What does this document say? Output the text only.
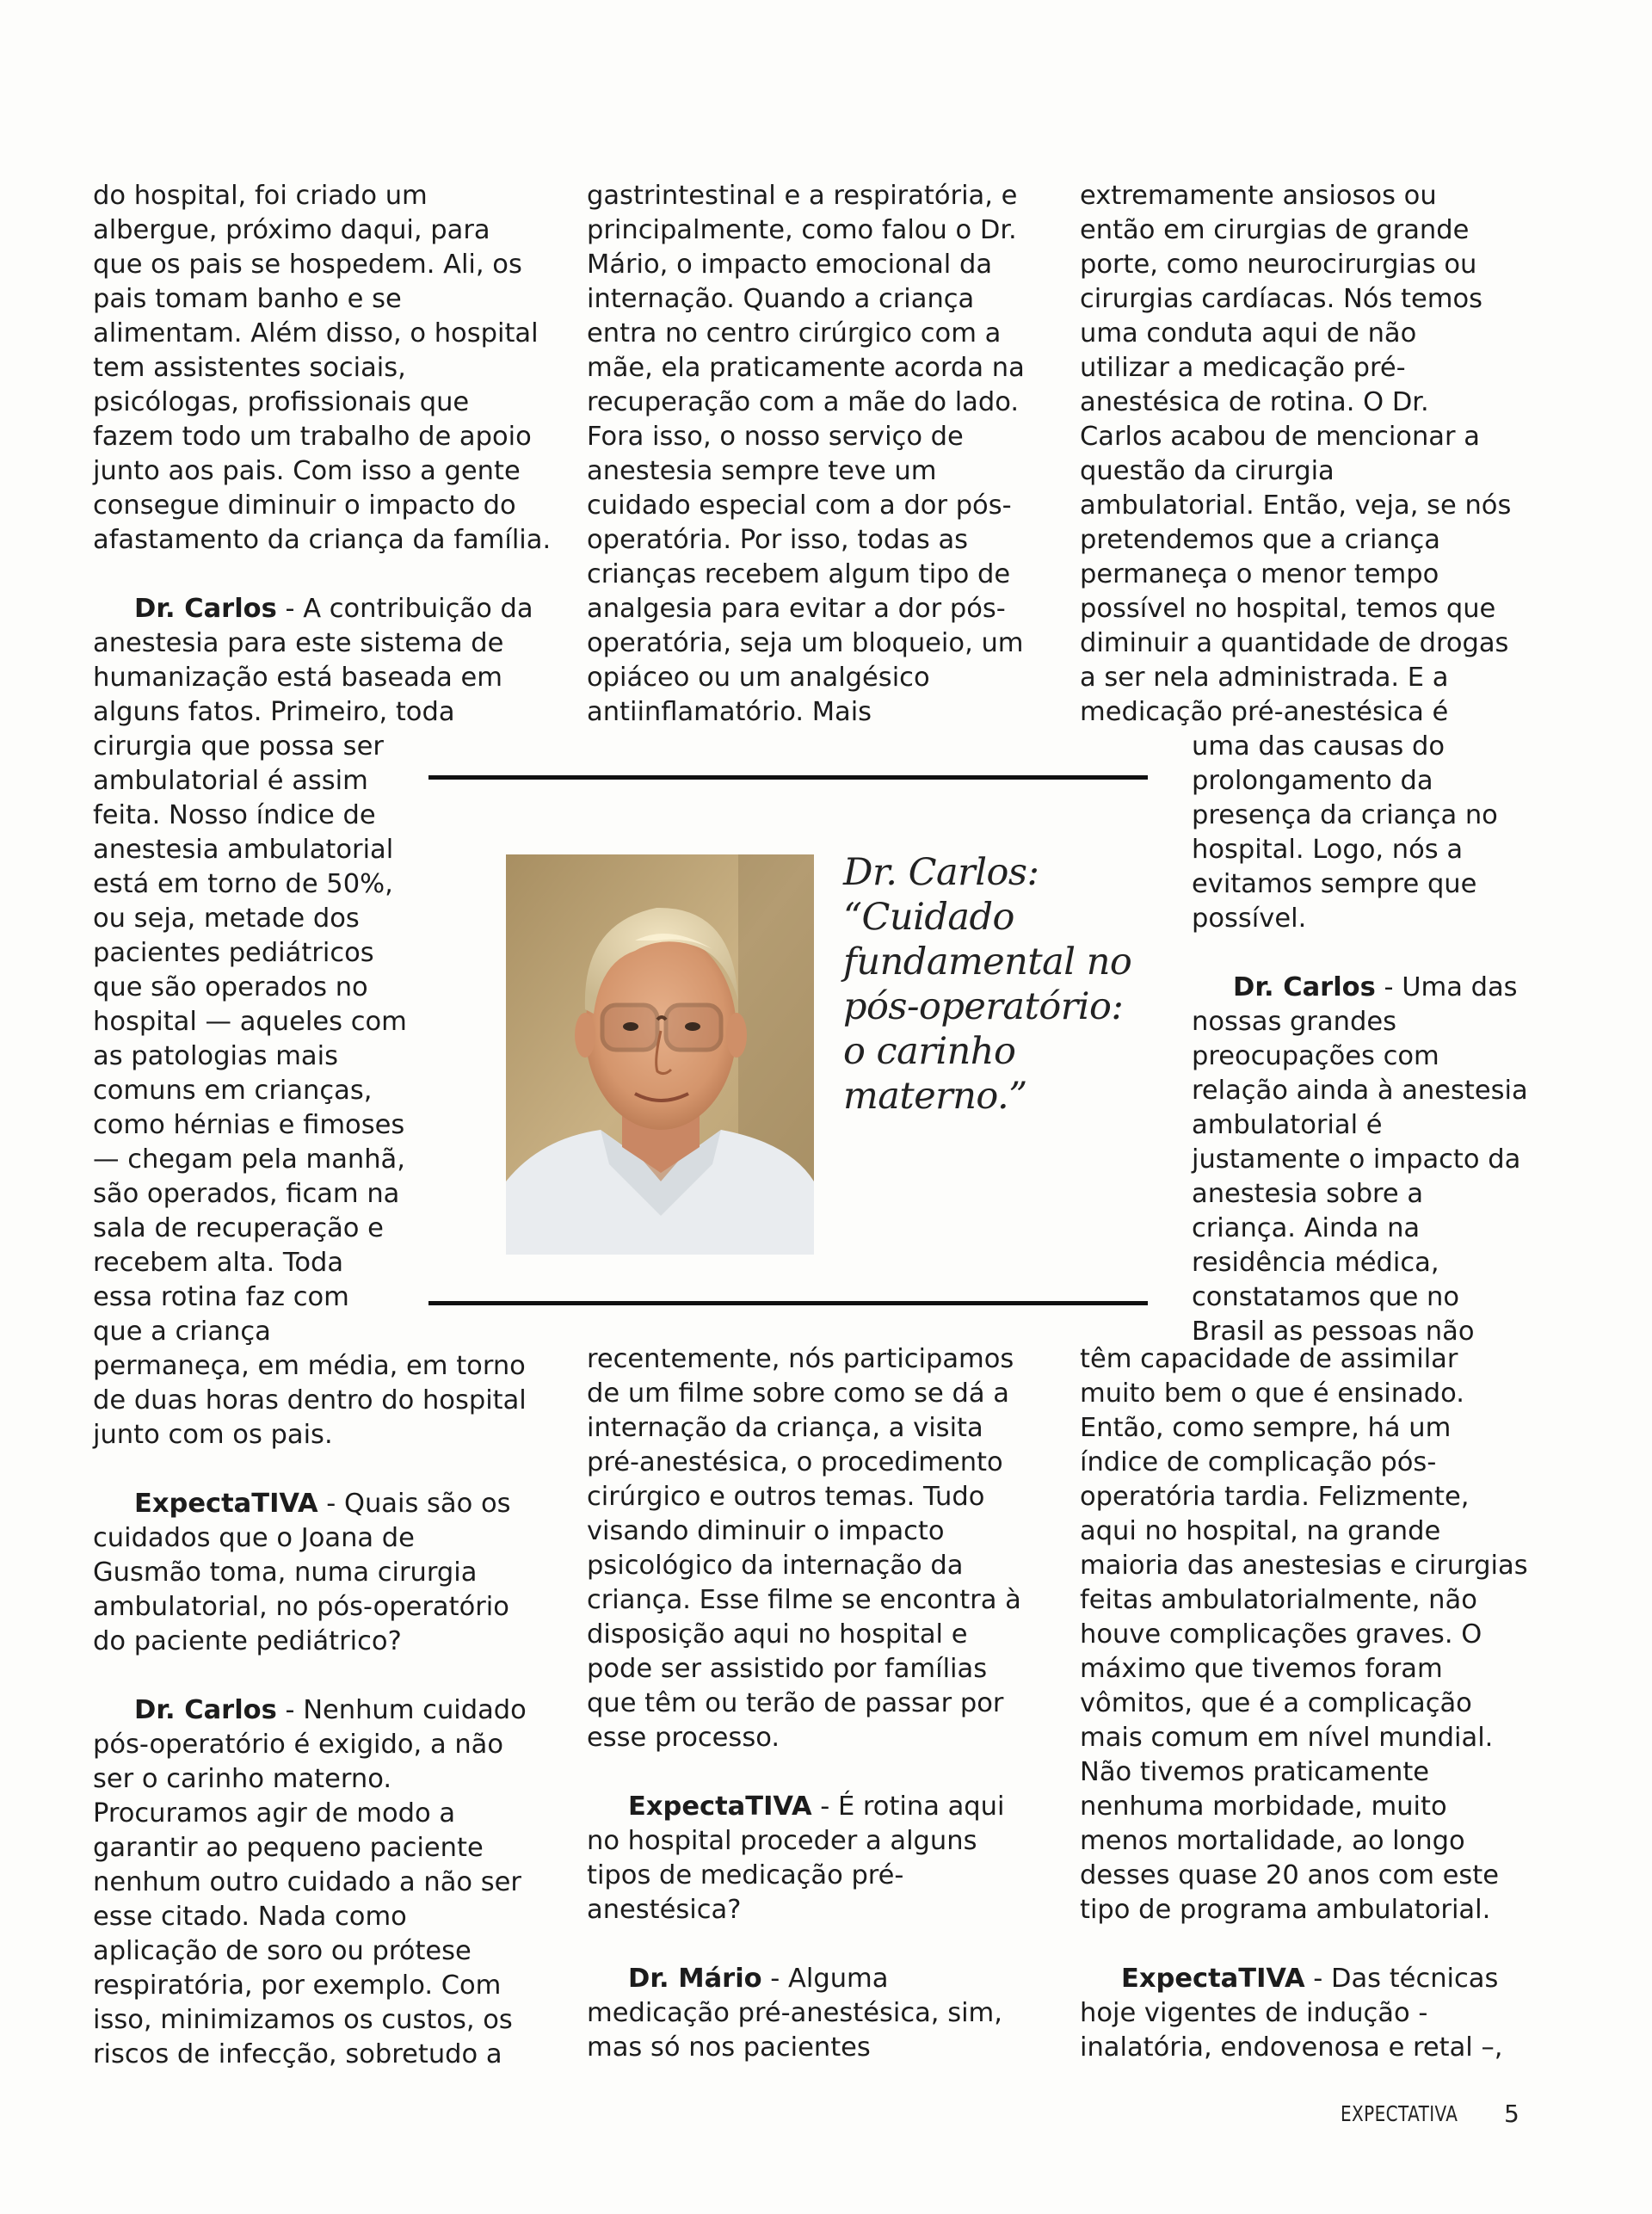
do hospital, foi criado um
albergue, próximo daqui, para
que os pais se hospedem. Ali, os
pais tomam banho e se
alimentam. Além disso, o hospital
tem assistentes sociais,
psicólogas, profissionais que
fazem todo um trabalho de apoio
junto aos pais. Com isso a gente
consegue diminuir o impacto do
afastamento da criança da família.
Dr. Carlos - A contribuição da
anestesia para este sistema de
humanização está baseada em
alguns fatos. Primeiro, toda
cirurgia que possa ser
ambulatorial é assim
feita. Nosso índice de
anestesia ambulatorial
está em torno de 50%,
ou seja, metade dos
pacientes pediátricos
que são operados no
hospital — aqueles com
as patologias mais
comuns em crianças,
como hérnias e fimoses
— chegam pela manhã,
são operados, ficam na
sala de recuperação e
recebem alta. Toda
essa rotina faz com
que a criança
permaneça, em média, em torno
de duas horas dentro do hospital
junto com os pais.
ExpectaTIVA - Quais são os
cuidados que o Joana de
Gusmão toma, numa cirurgia
ambulatorial, no pós-operatório
do paciente pediátrico?
Dr. Carlos - Nenhum cuidado
pós-operatório é exigido, a não
ser o carinho materno.
Procuramos agir de modo a
garantir ao pequeno paciente
nenhum outro cuidado a não ser
esse citado. Nada como
aplicação de soro ou prótese
respiratória, por exemplo. Com
isso, minimizamos os custos, os
riscos de infecção, sobretudo a
gastrintestinal e a respiratória, e
principalmente, como falou o Dr.
Mário, o impacto emocional da
internação. Quando a criança
entra no centro cirúrgico com a
mãe, ela praticamente acorda na
recuperação com a mãe do lado.
Fora isso, o nosso serviço de
anestesia sempre teve um
cuidado especial com a dor pós-
operatória. Por isso, todas as
crianças recebem algum tipo de
analgesia para evitar a dor pós-
operatória, seja um bloqueio, um
opiáceo ou um analgésico
antiinflamatório. Mais
Dr. Carlos:
“Cuidado
fundamental no
pós-operatório:
o carinho
materno.”
recentemente, nós participamos
de um filme sobre como se dá a
internação da criança, a visita
pré-anestésica, o procedimento
cirúrgico e outros temas. Tudo
visando diminuir o impacto
psicológico da internação da
criança. Esse filme se encontra à
disposição aqui no hospital e
pode ser assistido por famílias
que têm ou terão de passar por
esse processo.
ExpectaTIVA - É rotina aqui
no hospital proceder a alguns
tipos de medicação pré-
anestésica?
Dr. Mário - Alguma
medicação pré-anestésica, sim,
mas só nos pacientes
extremamente ansiosos ou
então em cirurgias de grande
porte, como neurocirurgias ou
cirurgias cardíacas. Nós temos
uma conduta aqui de não
utilizar a medicação pré-
anestésica de rotina. O Dr.
Carlos acabou de mencionar a
questão da cirurgia
ambulatorial. Então, veja, se nós
pretendemos que a criança
permaneça o menor tempo
possível no hospital, temos que
diminuir a quantidade de drogas
a ser nela administrada. E a
medicação pré-anestésica é
uma das causas do
prolongamento da
presença da criança no
hospital. Logo, nós a
evitamos sempre que
possível.
Dr. Carlos - Uma das
nossas grandes
preocupações com
relação ainda à anestesia
ambulatorial é
justamente o impacto da
anestesia sobre a
criança. Ainda na
residência médica,
constatamos que no
Brasil as pessoas não
têm capacidade de assimilar
muito bem o que é ensinado.
Então, como sempre, há um
índice de complicação pós-
operatória tardia. Felizmente,
aqui no hospital, na grande
maioria das anestesias e cirurgias
feitas ambulatorialmente, não
houve complicações graves. O
máximo que tivemos foram
vômitos, que é a complicação
mais comum em nível mundial.
Não tivemos praticamente
nenhuma morbidade, muito
menos mortalidade, ao longo
desses quase 20 anos com este
tipo de programa ambulatorial.
ExpectaTIVA - Das técnicas
hoje vigentes de indução -
inalatória, endovenosa e retal –,
EXPECTATIVA 5
